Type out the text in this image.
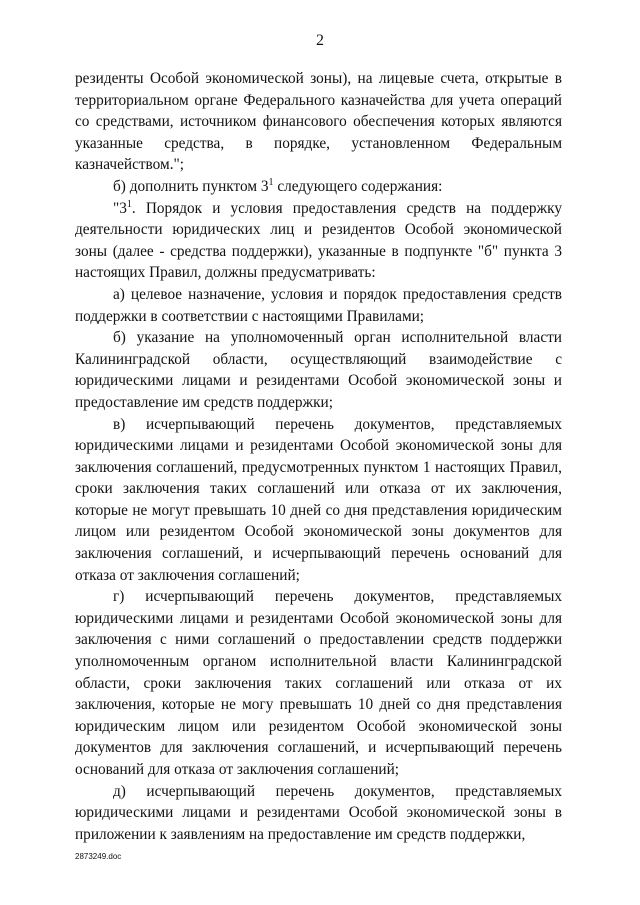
2

резиденты Особой экономической зоны), на лицевые счета, открытые в территориальном органе Федерального казначейства для учета операций со средствами, источником финансового обеспечения которых являются указанные средства, в порядке, установленном Федеральным казначейством.";

б) дополнить пунктом $3^1$ следующего содержания:

"$3^1$. Порядок и условия предоставления средств на поддержку деятельности юридических лиц и резидентов Особой экономической зоны (далее - средства поддержки), указанные в подпункте "б" пункта 3 настоящих Правил, должны предусматривать:

а) целевое назначение, условия и порядок предоставления средств поддержки в соответствии с настоящими Правилами;

б) указание на уполномоченный орган исполнительной власти Калининградской области, осуществляющий взаимодействие с юридическими лицами и резидентами Особой экономической зоны и предоставление им средств поддержки;

в) исчерпывающий перечень документов, представляемых юридическими лицами и резидентами Особой экономической зоны для заключения соглашений, предусмотренных пунктом 1 настоящих Правил, сроки заключения таких соглашений или отказа от их заключения, которые не могут превышать 10 дней со дня представления юридическим лицом или резидентом Особой экономической зоны документов для заключения соглашений, и исчерпывающий перечень оснований для отказа от заключения соглашений;

г) исчерпывающий перечень документов, представляемых юридическими лицами и резидентами Особой экономической зоны для заключения с ними соглашений о предоставлении средств поддержки уполномоченным органом исполнительной власти Калининградской области, сроки заключения таких соглашений или отказа от их заключения, которые не могу превышать 10 дней со дня представления юридическим лицом или резидентом Особой экономической зоны документов для заключения соглашений, и исчерпывающий перечень оснований для отказа от заключения соглашений;

д) исчерпывающий перечень документов, представляемых юридическими лицами и резидентами Особой экономической зоны в приложении к заявлениям на предоставление им средств поддержки,

2873249.doc
